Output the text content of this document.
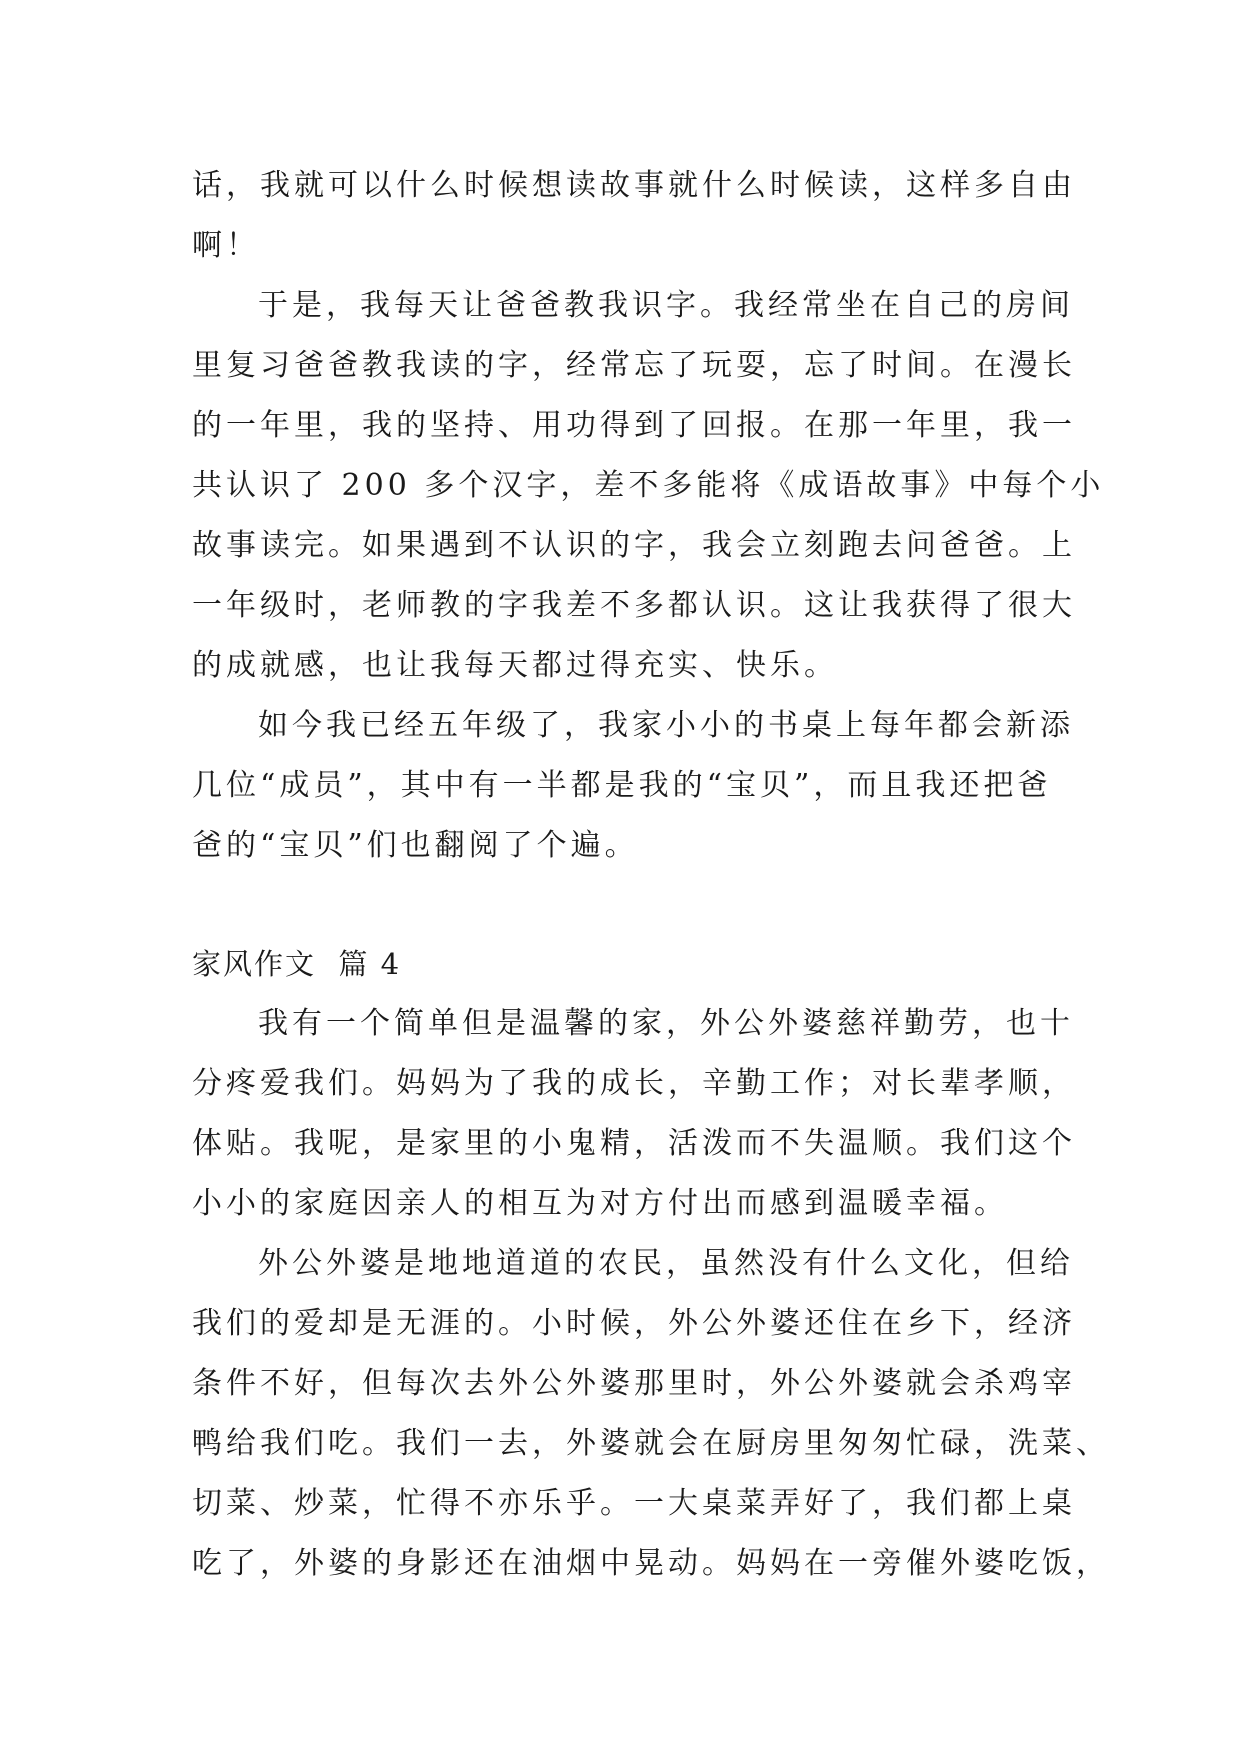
话，我就可以什么时候想读故事就什么时候读，这样多自由
啊！
于是，我每天让爸爸教我识字。我经常坐在自己的房间
里复习爸爸教我读的字，经常忘了玩耍，忘了时间。在漫长
的一年里，我的坚持、用功得到了回报。在那一年里，我一
共认识了 200 多个汉字，差不多能将《成语故事》中每个小
故事读完。如果遇到不认识的字，我会立刻跑去问爸爸。上
一年级时，老师教的字我差不多都认识。这让我获得了很大
的成就感，也让我每天都过得充实、快乐。
如今我已经五年级了，我家小小的书桌上每年都会新添
几位“成员”，其中有一半都是我的“宝贝”，而且我还把爸
爸的“宝贝”们也翻阅了个遍。
家风作文  篇 4
我有一个简单但是温馨的家，外公外婆慈祥勤劳，也十
分疼爱我们。妈妈为了我的成长，辛勤工作；对长辈孝顺，
体贴。我呢，是家里的小鬼精，活泼而不失温顺。我们这个
小小的家庭因亲人的相互为对方付出而感到温暖幸福。
外公外婆是地地道道的农民，虽然没有什么文化，但给
我们的爱却是无涯的。小时候，外公外婆还住在乡下，经济
条件不好，但每次去外公外婆那里时，外公外婆就会杀鸡宰
鸭给我们吃。我们一去，外婆就会在厨房里匆匆忙碌，洗菜、
切菜、炒菜，忙得不亦乐乎。一大桌菜弄好了，我们都上桌
吃了，外婆的身影还在油烟中晃动。妈妈在一旁催外婆吃饭，
